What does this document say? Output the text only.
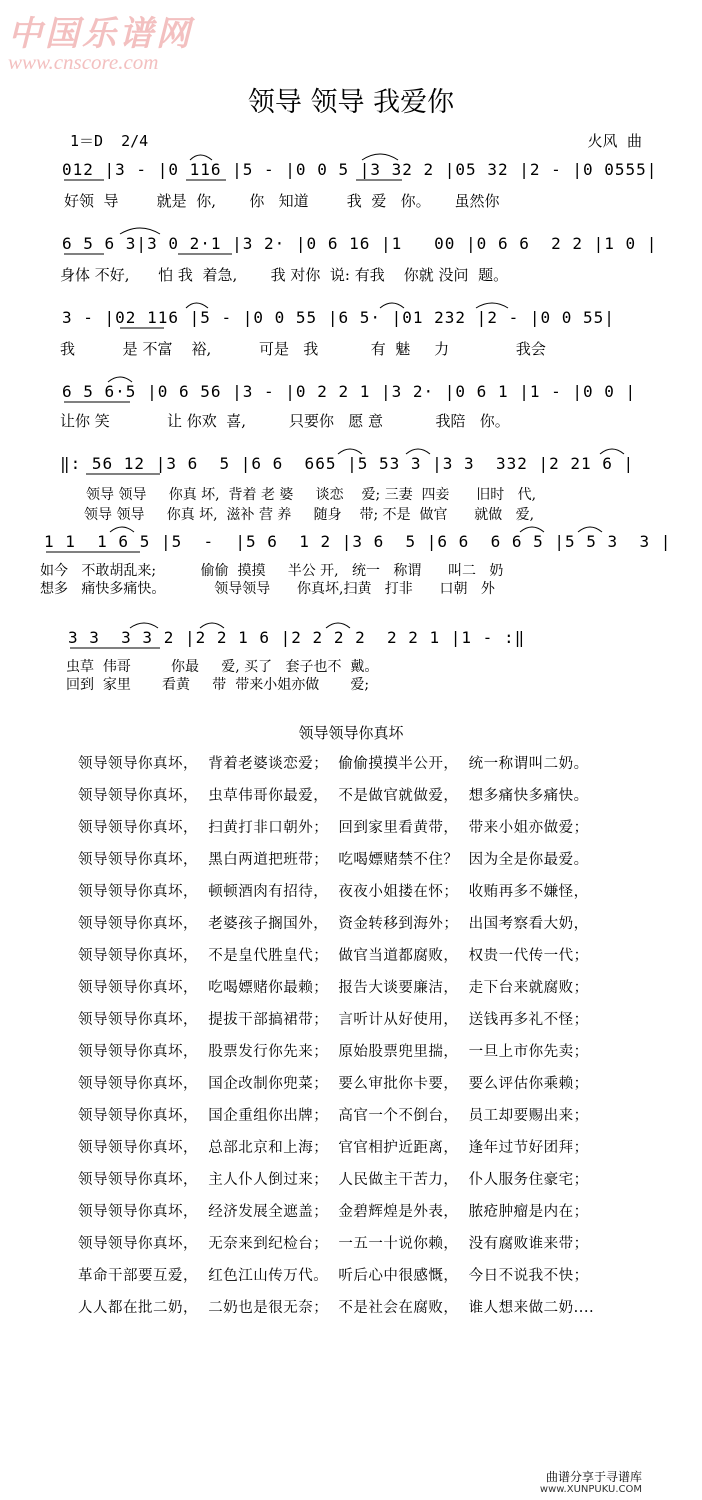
中国乐谱网
www.cnscore.com
领导 领导 我爱你
1＝D  2/4	火风  曲
012 |3 - |0 116 |5 - |0 0 5 |3 32 2 |05 32 |2 - |0 0555|
好领  导        就是  你,       你   知道        我  爱   你。     虽然你
6 5 6 3|3 0 2·1 |3 2· |0 6 16 |1   00 |0 6 6  2 2 |1 0 |
身体 不好,      怕 我  着急,       我 对你  说: 有我    你就 没问  题。
3 - |02 116 |5 - |0 0 55 |6 5· |01 232 |2 - |0 0 55|
我          是 不富    裕,          可是   我           有  魅     力              我会
6 5 6·5 |0 6 56 |3 - |0 2 2 1 |3 2· |0 6 1 |1 - |0 0 |
让你 笑            让 你欢  喜,         只要你   愿 意           我陪   你。
‖: 56 12 |3 6  5 |6 6  665 |5 53 3 |3 3  332 |2 21 6 |
领导 领导     你真 坏,  背着 老 婆     谈恋    爱; 三妻  四妾      旧时   代,
领导 领导     你真 坏,  滋补 营 养     随身    带; 不是  做官      就做   爱,
1 1  1 6 5 |5  -  |5 6  1 2 |3 6  5 |6 6  6 6 5 |5 5 3  3 |
如今   不敢胡乱来;          偷偷  摸摸     半公 开,   统一   称谓      叫二   奶
想多   痛快多痛快。           领导领导      你真坏,扫黄   打非      口朝   外
3 3  3 3 2 |2 2 1 6 |2 2 2 2  2 2 1 |1 - :‖
虫草  伟哥         你最     爱, 买了   套子也不  戴。
回到  家里       看黄     带  带来小姐亦做       爱;
领导领导你真坏
领导领导你真坏，  背着老婆谈恋爱；  偷偷摸摸半公开，  统一称谓叫二奶。
领导领导你真坏，  虫草伟哥你最爱，  不是做官就做爱，  想多痛快多痛快。
领导领导你真坏，  扫黄打非口朝外；  回到家里看黄带，  带来小姐亦做爱；
领导领导你真坏，  黑白两道把班带；  吃喝嫖赌禁不住？  因为全是你最爱。
领导领导你真坏，  顿顿酒肉有招待，  夜夜小姐搂在怀；  收贿再多不嫌怪，
领导领导你真坏，  老婆孩子搁国外，  资金转移到海外；  出国考察看大奶，
领导领导你真坏，  不是皇代胜皇代；  做官当道都腐败，  权贵一代传一代；
领导领导你真坏，  吃喝嫖赌你最赖；  报告大谈要廉洁，  走下台来就腐败；
领导领导你真坏，  提拔干部搞裙带；  言听计从好使用，  送钱再多礼不怪；
领导领导你真坏，  股票发行你先来；  原始股票兜里揣，  一旦上市你先卖；
领导领导你真坏，  国企改制你兜菜；  要么审批你卡要，  要么评估你乘赖；
领导领导你真坏，  国企重组你出牌；  高官一个不倒台，  员工却要赐出来；
领导领导你真坏，  总部北京和上海；  官官相护近距离，  逢年过节好团拜；
领导领导你真坏，  主人仆人倒过来；  人民做主干苦力，  仆人服务住豪宅；
领导领导你真坏，  经济发展全遮盖；  金碧辉煌是外表，  脓疮肿瘤是内在；
领导领导你真坏，  无奈来到纪检台；  一五一十说你赖，  没有腐败谁来带；
革命干部要互爱，  红色江山传万代。  听后心中很感慨，  今日不说我不快；
人人都在批二奶，  二奶也是很无奈；  不是社会在腐败，  谁人想来做二奶....
曲谱分享于寻谱库
www.XUNPUKU.COM
